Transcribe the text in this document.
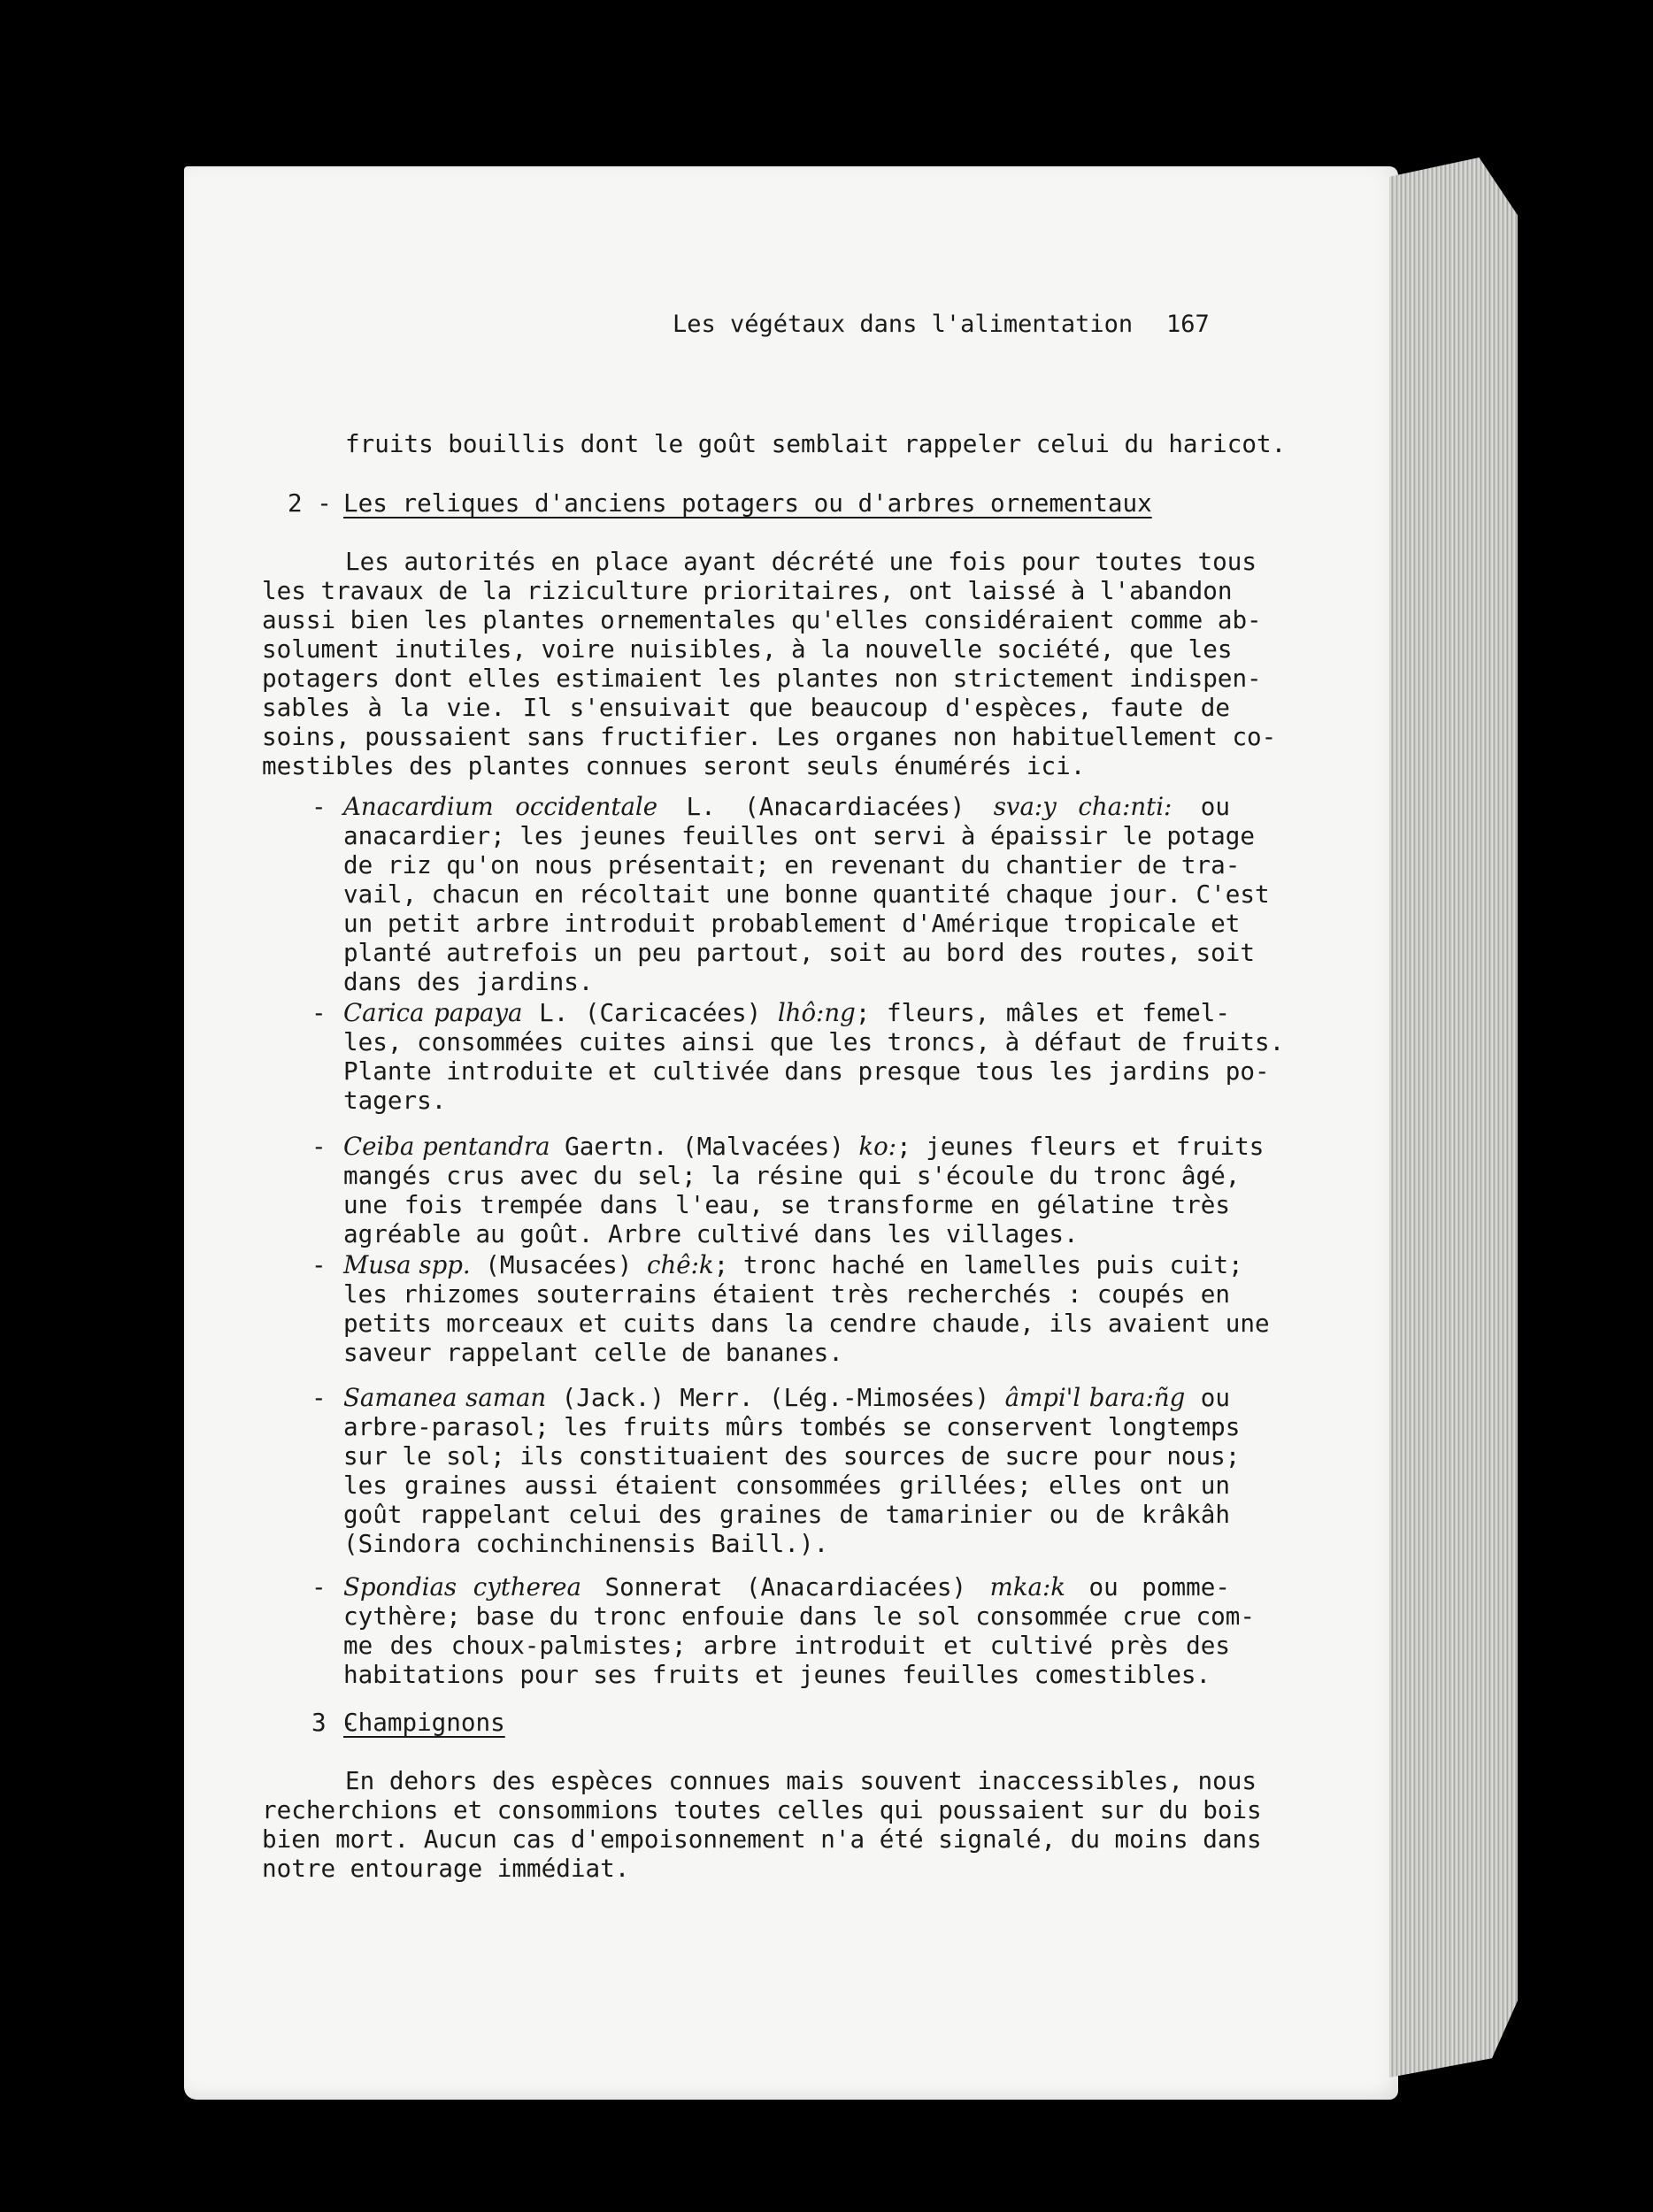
Les végétaux dans l'alimentation 167
fruits bouillis dont le goût semblait rappeler celui du haricot.
2 - Les reliques d'anciens potagers ou d'arbres ornementaux
Les autorités en place ayant décrété une fois pour toutes tous
les travaux de la riziculture prioritaires, ont laissé à l'abandon
aussi bien les plantes ornementales qu'elles considéraient comme ab-
solument inutiles, voire nuisibles, à la nouvelle société, que les
potagers dont elles estimaient les plantes non strictement indispen-
sables à la vie. Il s'ensuivait que beaucoup d'espèces, faute de
soins, poussaient sans fructifier. Les organes non habituellement co-
mestibles des plantes connues seront seuls énumérés ici.
- Anacardium occidentale L. (Anacardiacées) sva:y cha:nti: ou
anacardier; les jeunes feuilles ont servi à épaissir le potage
de riz qu'on nous présentait; en revenant du chantier de tra-
vail, chacun en récoltait une bonne quantité chaque jour. C'est
un petit arbre introduit probablement d'Amérique tropicale et
planté autrefois un peu partout, soit au bord des routes, soit
dans des jardins.
- Carica papaya L. (Caricacées) lhô:ng; fleurs, mâles et femel-
les, consommées cuites ainsi que les troncs, à défaut de fruits.
Plante introduite et cultivée dans presque tous les jardins po-
tagers.
- Ceiba pentandra Gaertn. (Malvacées) ko:; jeunes fleurs et fruits
mangés crus avec du sel; la résine qui s'écoule du tronc âgé,
une fois trempée dans l'eau, se transforme en gélatine très
agréable au goût. Arbre cultivé dans les villages.
- Musa spp. (Musacées) chê:k; tronc haché en lamelles puis cuit;
les rhizomes souterrains étaient très recherchés : coupés en
petits morceaux et cuits dans la cendre chaude, ils avaient une
saveur rappelant celle de bananes.
- Samanea saman (Jack.) Merr. (Lég.-Mimosées) âmpi'l bara:ñg ou
arbre-parasol; les fruits mûrs tombés se conservent longtemps
sur le sol; ils constituaient des sources de sucre pour nous;
les graines aussi étaient consommées grillées; elles ont un
goût rappelant celui des graines de tamarinier ou de krâkâh
(Sindora cochinchinensis Baill.).
- Spondias cytherea Sonnerat (Anacardiacées) mka:k ou pomme-
cythère; base du tronc enfouie dans le sol consommée crue com-
me des choux-palmistes; arbre introduit et cultivé près des
habitations pour ses fruits et jeunes feuilles comestibles.
3 -
Champignons
En dehors des espèces connues mais souvent inaccessibles, nous
recherchions et consommions toutes celles qui poussaient sur du bois
bien mort. Aucun cas d'empoisonnement n'a été signalé, du moins dans
notre entourage immédiat.
